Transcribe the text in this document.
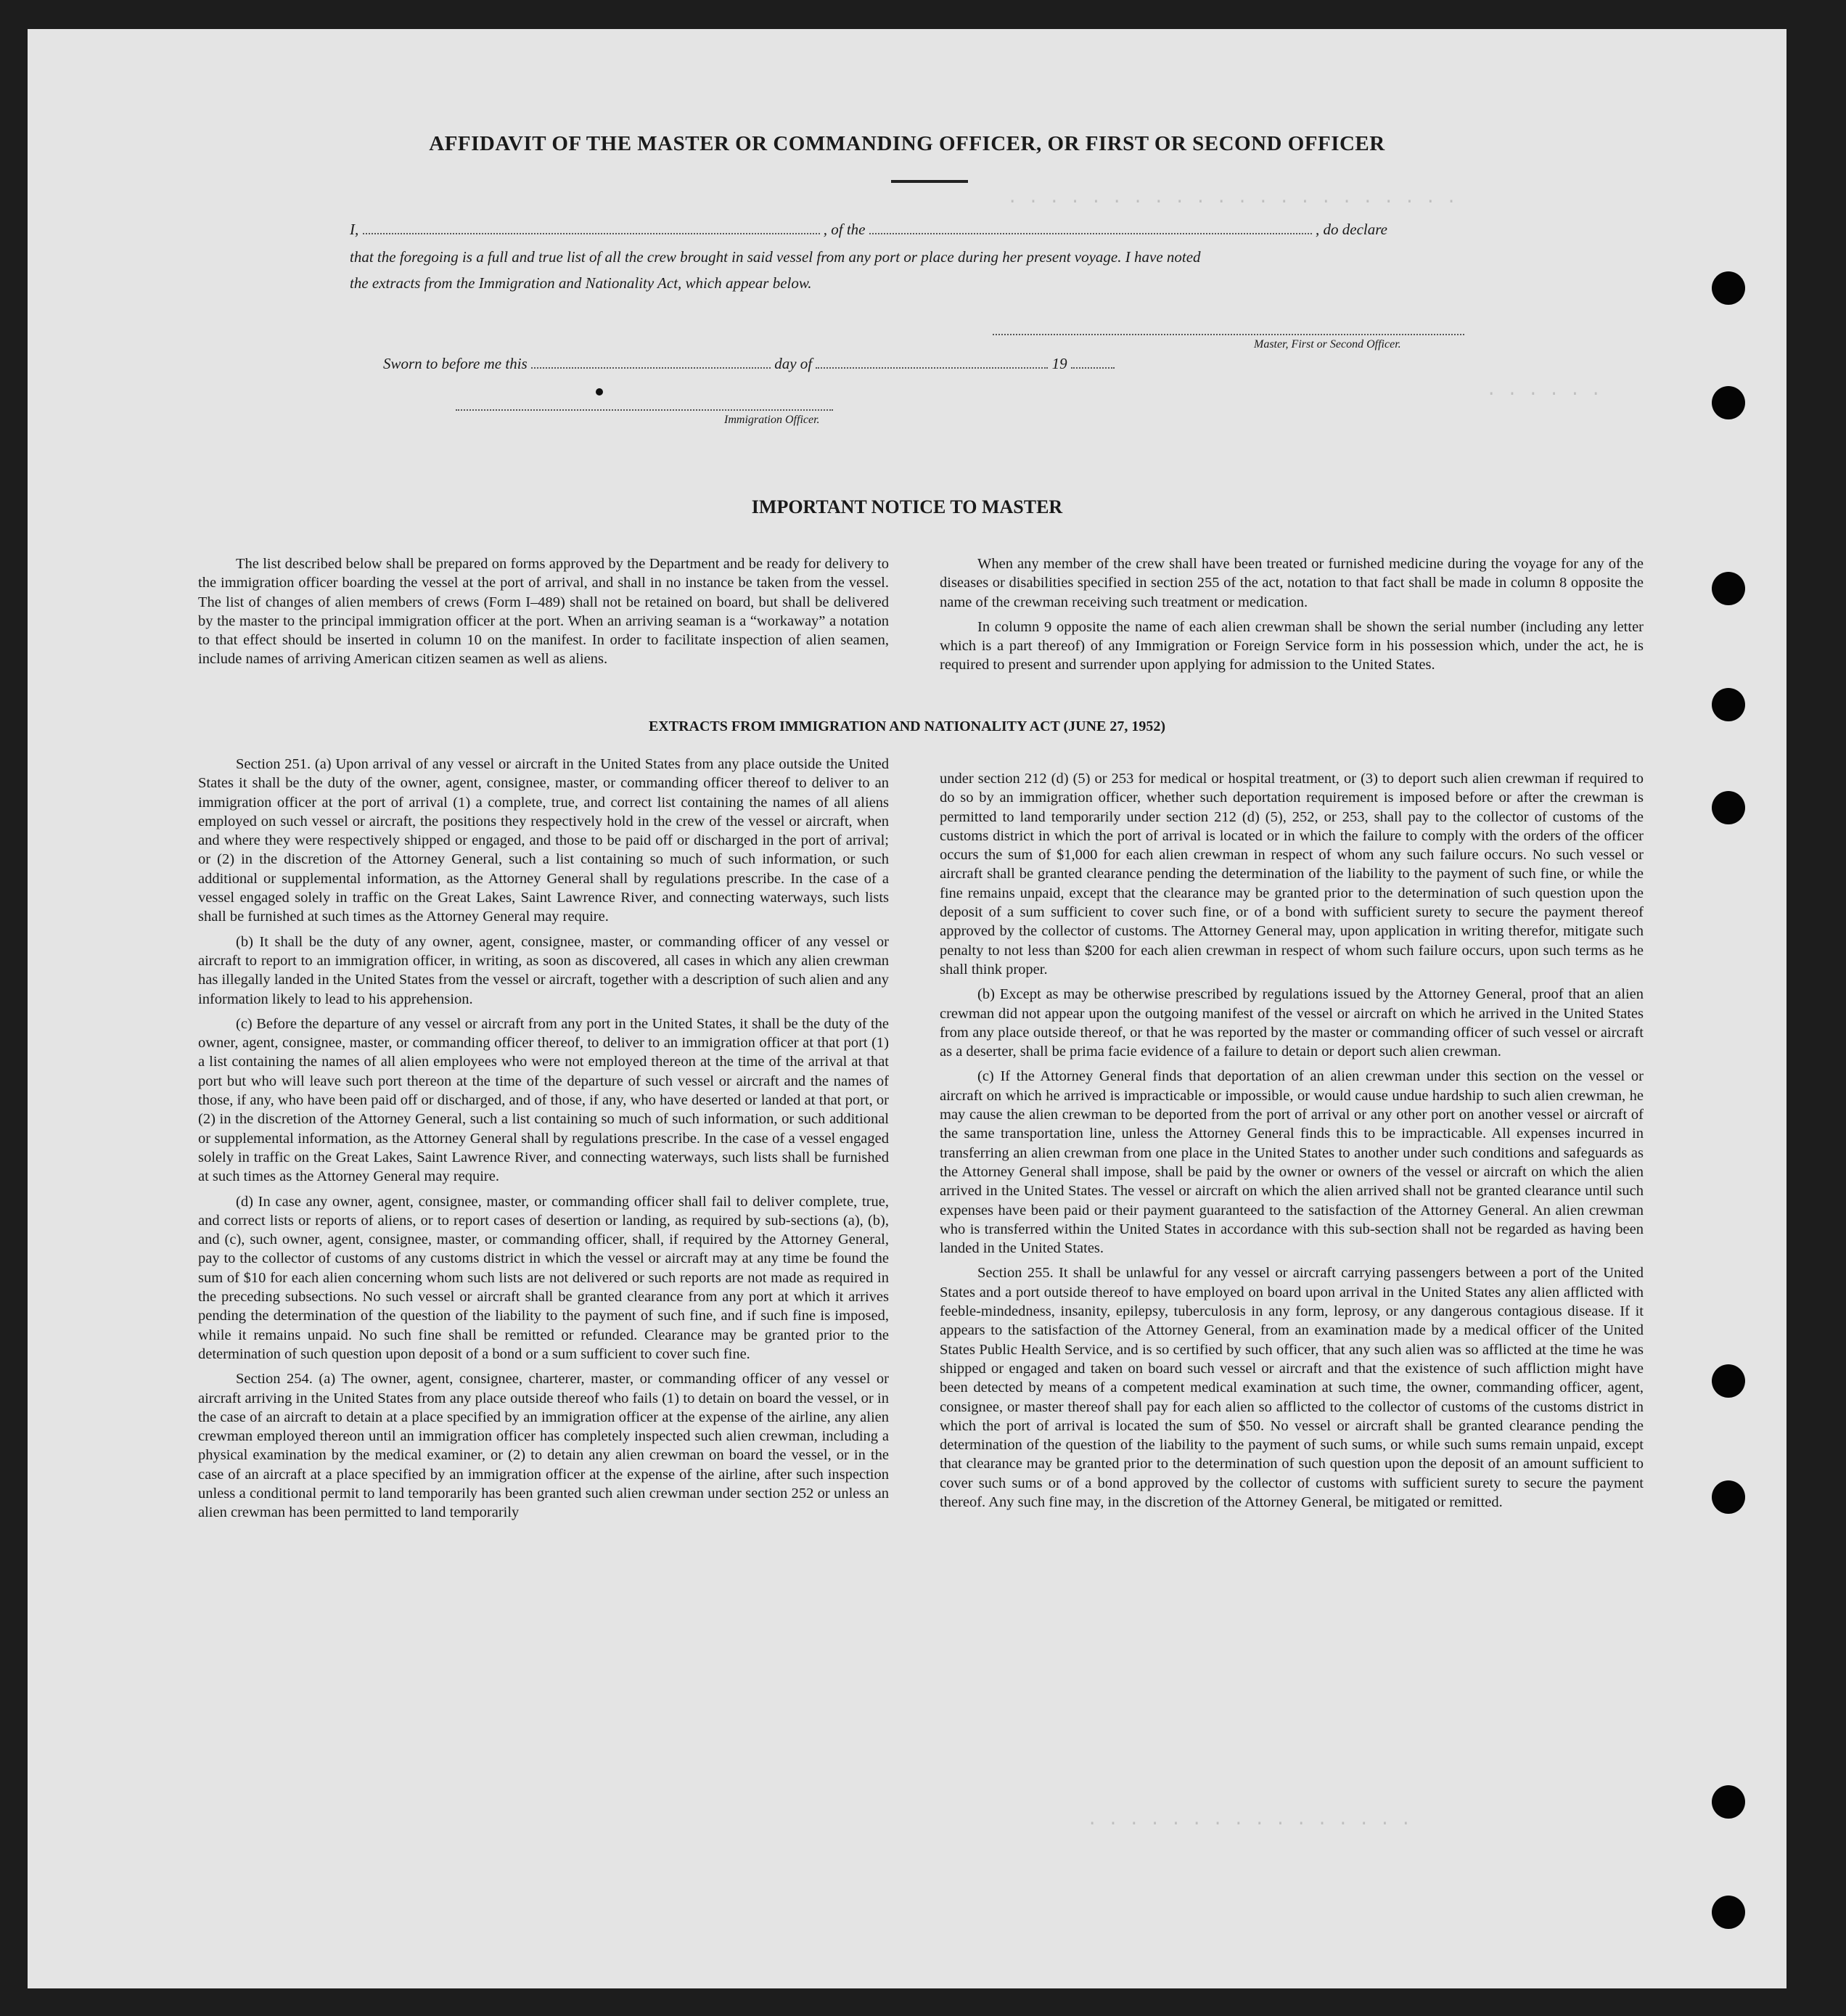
· · · · · · · · · · · · · · · · · · · · · ·
· · · · · ·
· · · · · · · · · · · · · · · ·
AFFIDAVIT OF THE MASTER OR COMMANDING OFFICER, OR FIRST OR SECOND OFFICER
I,	, of the	, do declare
that the foregoing is a full and true list of all the crew brought in said vessel from any port or place during her present voyage. I have noted
the extracts from the Immigration and Nationality Act, which appear below.
Master, First or Second Officer.
Sworn to before me this	day of	19
Immigration Officer.
IMPORTANT NOTICE TO MASTER

The list described below shall be prepared on forms approved by the Department and be ready for delivery to the immigration officer boarding the vessel at the port of arrival, and shall in no instance be taken from the vessel. The list of changes of alien members of crews (Form I–489) shall not be retained on board, but shall be delivered by the master to the principal immigration officer at the port. When an arriving seaman is a “workaway” a notation to that effect should be inserted in column 10 on the manifest. In order to facilitate inspection of alien seamen, include names of arriving American citizen seamen as well as aliens.

When any member of the crew shall have been treated or furnished medicine during the voyage for any of the diseases or disabilities specified in section 255 of the act, notation to that fact shall be made in column 8 opposite the name of the crewman receiving such treatment or medication.

In column 9 opposite the name of each alien crewman shall be shown the serial number (including any letter which is a part thereof) of any Immigration or Foreign Service form in his possession which, under the act, he is required to present and surrender upon applying for admission to the United States.

EXTRACTS FROM IMMIGRATION AND NATIONALITY ACT (JUNE 27, 1952)

Section 251. (a) Upon arrival of any vessel or aircraft in the United States from any place outside the United States it shall be the duty of the owner, agent, consignee, master, or commanding officer thereof to deliver to an immigration officer at the port of arrival (1) a complete, true, and correct list containing the names of all aliens employed on such vessel or aircraft, the positions they respectively hold in the crew of the vessel or aircraft, when and where they were respectively shipped or engaged, and those to be paid off or discharged in the port of arrival; or (2) in the discretion of the Attorney General, such a list containing so much of such information, or such additional or supplemental information, as the Attorney General shall by regulations prescribe. In the case of a vessel engaged solely in traffic on the Great Lakes, Saint Lawrence River, and connecting waterways, such lists shall be furnished at such times as the Attorney General may require.

(b) It shall be the duty of any owner, agent, consignee, master, or commanding officer of any vessel or aircraft to report to an immigration officer, in writing, as soon as discovered, all cases in which any alien crewman has illegally landed in the United States from the vessel or aircraft, together with a description of such alien and any information likely to lead to his apprehension.

(c) Before the departure of any vessel or aircraft from any port in the United States, it shall be the duty of the owner, agent, consignee, master, or commanding officer thereof, to deliver to an immigration officer at that port (1) a list containing the names of all alien employees who were not employed thereon at the time of the arrival at that port but who will leave such port thereon at the time of the departure of such vessel or aircraft and the names of those, if any, who have been paid off or discharged, and of those, if any, who have deserted or landed at that port, or (2) in the discretion of the Attorney General, such a list containing so much of such information, or such additional or supplemental information, as the Attorney General shall by regulations prescribe. In the case of a vessel engaged solely in traffic on the Great Lakes, Saint Lawrence River, and connecting waterways, such lists shall be furnished at such times as the Attorney General may require.

(d) In case any owner, agent, consignee, master, or commanding officer shall fail to deliver complete, true, and correct lists or reports of aliens, or to report cases of desertion or landing, as required by sub-sections (a), (b), and (c), such owner, agent, consignee, master, or commanding officer, shall, if required by the Attorney General, pay to the collector of customs of any customs district in which the vessel or aircraft may at any time be found the sum of $10 for each alien concerning whom such lists are not delivered or such reports are not made as required in the preceding subsections. No such vessel or aircraft shall be granted clearance from any port at which it arrives pending the determination of the question of the liability to the payment of such fine, and if such fine is imposed, while it remains unpaid. No such fine shall be remitted or refunded. Clearance may be granted prior to the determination of such question upon deposit of a bond or a sum sufficient to cover such fine.

Section 254. (a) The owner, agent, consignee, charterer, master, or commanding officer of any vessel or aircraft arriving in the United States from any place outside thereof who fails (1) to detain on board the vessel, or in the case of an aircraft to detain at a place specified by an immigration officer at the expense of the airline, any alien crewman employed thereon until an immigration officer has completely inspected such alien crewman, including a physical examination by the medical examiner, or (2) to detain any alien crewman on board the vessel, or in the case of an aircraft at a place specified by an immigration officer at the expense of the airline, after such inspection unless a conditional permit to land temporarily has been granted such alien crewman under section 252 or unless an alien crewman has been permitted to land temporarily

under section 212 (d) (5) or 253 for medical or hospital treatment, or (3) to deport such alien crewman if required to do so by an immigration officer, whether such deportation requirement is imposed before or after the crewman is permitted to land temporarily under section 212 (d) (5), 252, or 253, shall pay to the collector of customs of the customs district in which the port of arrival is located or in which the failure to comply with the orders of the officer occurs the sum of $1,000 for each alien crewman in respect of whom any such failure occurs. No such vessel or aircraft shall be granted clearance pending the determination of the liability to the payment of such fine, or while the fine remains unpaid, except that the clearance may be granted prior to the determination of such question upon the deposit of a sum sufficient to cover such fine, or of a bond with sufficient surety to secure the payment thereof approved by the collector of customs. The Attorney General may, upon application in writing therefor, mitigate such penalty to not less than $200 for each alien crewman in respect of whom such failure occurs, upon such terms as he shall think proper.

(b) Except as may be otherwise prescribed by regulations issued by the Attorney General, proof that an alien crewman did not appear upon the outgoing manifest of the vessel or aircraft on which he arrived in the United States from any place outside thereof, or that he was reported by the master or commanding officer of such vessel or aircraft as a deserter, shall be prima facie evidence of a failure to detain or deport such alien crewman.

(c) If the Attorney General finds that deportation of an alien crewman under this section on the vessel or aircraft on which he arrived is impracticable or impossible, or would cause undue hardship to such alien crewman, he may cause the alien crewman to be deported from the port of arrival or any other port on another vessel or aircraft of the same transportation line, unless the Attorney General finds this to be impracticable. All expenses incurred in transferring an alien crewman from one place in the United States to another under such conditions and safeguards as the Attorney General shall impose, shall be paid by the owner or owners of the vessel or aircraft on which the alien arrived in the United States. The vessel or aircraft on which the alien arrived shall not be granted clearance until such expenses have been paid or their payment guaranteed to the satisfaction of the Attorney General. An alien crewman who is transferred within the United States in accordance with this sub-section shall not be regarded as having been landed in the United States.

Section 255. It shall be unlawful for any vessel or aircraft carrying passengers between a port of the United States and a port outside thereof to have employed on board upon arrival in the United States any alien afflicted with feeble-mindedness, insanity, epilepsy, tuberculosis in any form, leprosy, or any dangerous contagious disease. If it appears to the satisfaction of the Attorney General, from an examination made by a medical officer of the United States Public Health Service, and is so certified by such officer, that any such alien was so afflicted at the time he was shipped or engaged and taken on board such vessel or aircraft and that the existence of such affliction might have been detected by means of a competent medical examination at such time, the owner, commanding officer, agent, consignee, or master thereof shall pay for each alien so afflicted to the collector of customs of the customs district in which the port of arrival is located the sum of $50. No vessel or aircraft shall be granted clearance pending the determination of the question of the liability to the payment of such sums, or while such sums remain unpaid, except that clearance may be granted prior to the determination of such question upon the deposit of an amount sufficient to cover such sums or of a bond approved by the collector of customs with sufficient surety to secure the payment thereof. Any such fine may, in the discretion of the Attorney General, be mitigated or remitted.
